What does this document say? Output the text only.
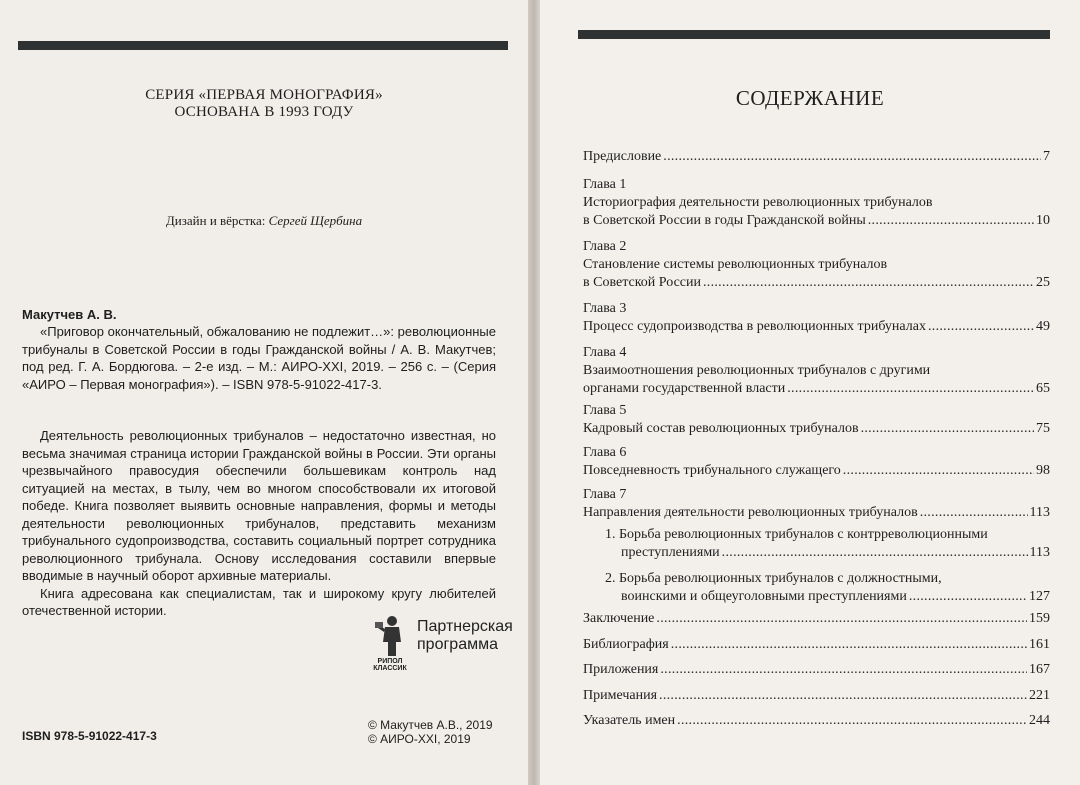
СЕРИЯ «ПЕРВАЯ МОНОГРАФИЯ»
ОСНОВАНА В 1993 ГОДУ
Дизайн и вёрстка: Сергей Щербина
Макутчев А. В.
«Приговор окончательный, обжалованию не подлежит…»: революционные трибуналы в Советской России в годы Гражданской войны / А. В. Макутчев; под ред. Г. А. Бордюгова. – 2-е изд. – М.: АИРО-XXI, 2019. – 256 с. – (Серия «АИРО – Первая монография»). – ISBN 978-5-91022-417-3.

Деятельность революционных трибуналов – недостаточно известная, но весьма значимая страница истории Гражданской войны в России. Эти органы чрезвычайного правосудия обеспечили большевикам контроль над ситуацией на местах, в тылу, чем во многом способствовали их итоговой победе. Книга позволяет выявить основные направления, формы и методы деятельности революционных трибуналов, представить механизм трибунального судопроизводства, составить социальный портрет сотрудника революционного трибунала. Основу исследования составили впервые вводимые в научный оборот архивные материалы.

Книга адресована как специалистам, так и широкому кругу любителей отечественной истории.

Партнерская
программа
РИПОЛ КЛАССИК
ISBN 978-5-91022-417-3
© Макутчев А.В., 2019
© АИРО-XXI, 2019
СОДЕРЖАНИЕ
Предисловие . . .	7
Глава 1
Историография деятельности революционных трибуналов
в Советской России в годы Гражданской войны . . .	10
Глава 2
Становление системы революционных трибуналов
в Советской России . . .	25
Глава 3
Процесс судопроизводства в революционных трибуналах . . .	49
Глава 4
Взаимоотношения революционных трибуналов с другими
органами государственной власти . . .	65
Глава 5
Кадровый состав революционных трибуналов . . .	75
Глава 6
Повседневность трибунального служащего . . .	98
Глава 7
Направления деятельности революционных трибуналов . . .	113
1. Борьба революционных трибуналов с контрреволюционными
преступлениями . . .	113
2. Борьба революционных трибуналов с должностными,
воинскими и общеуголовными преступлениями . . .	127
Заключение . . .	159
Библиография . . .	161
Приложения . . .	167
Примечания . . .	221
Указатель имен . . .	244
